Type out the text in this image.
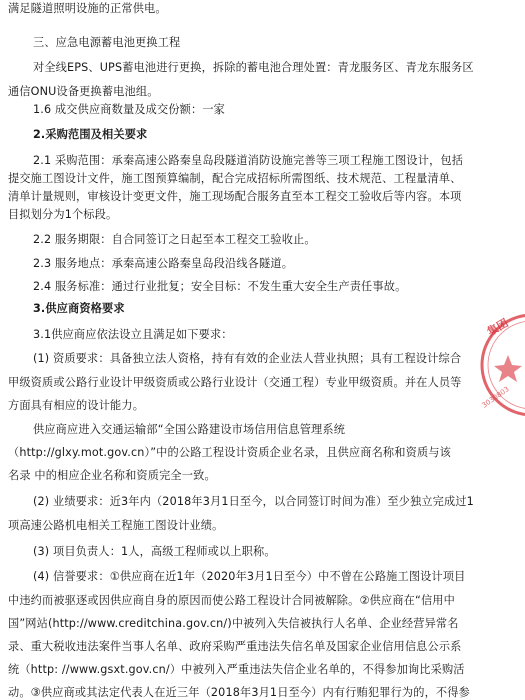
满足隧道照明设施的正常供电。
三、应急电源蓄电池更换工程
对全线EPS、UPS蓄电池进行更换，拆除的蓄电池合理处置：青龙服务区、青龙东服务区
通信ONU设备更换蓄电池组。
1.6 成交供应商数量及成交份额：一家
2.采购范围及相关要求
2.1 采购范围：承秦高速公路秦皇岛段隧道消防设施完善等三项工程施工图设计，包括
提交施工图设计文件，施工图预算编制，配合完成招标所需图纸、技术规范、工程量清单、
清单计量规则，审核设计变更文件，施工现场配合服务直至本工程交工验收后等内容。本项
目拟划分为1个标段。
2.2 服务期限：自合同签订之日起至本工程交工验收止。
2.3 服务地点：承秦高速公路秦皇岛段沿线各隧道。
2.4 服务标准：通过行业批复；安全目标：不发生重大安全生产责任事故。
3.供应商资格要求
3.1供应商应依法设立且满足如下要求：
(1) 资质要求：具备独立法人资格，持有有效的企业法人营业执照；具有工程设计综合
甲级资质或公路行业设计甲级资质或公路行业设计（交通工程）专业甲级资质。并在人员等
方面具有相应的设计能力。
供应商应进入交通运输部“全国公路建设市场信用信息管理系统
（http://glxy.mot.gov.cn）”中的公路工程设计资质企业名录，且供应商名称和资质与该
名录 中的相应企业名称和资质完全一致。
(2) 业绩要求：近3年内（2018年3月1日至今，以合同签订时间为准）至少独立完成过1
项高速公路机电相关工程施工图设计业绩。
(3) 项目负责人：1人，高级工程师或以上职称。
(4) 信誉要求：①供应商在近1年（2020年3月1日至今）中不曾在公路施工图设计项目
中违约而被驱逐或因供应商自身的原因而使公路工程设计合同被解除。②供应商在“信用中
国”网站(http://www.creditchina.gov.cn/)中被列入失信被执行人名单、企业经营异常名
录、重大税收违法案件当事人名单、政府采购严重违法失信名单及国家企业信用信息公示系
统（http: //www.gsxt.gov.cn/）中被列入严重违法失信企业名单的，不得参加询比采购活
动。③供应商或其法定代表人在近三年（2018年3月1日至今）内有行贿犯罪行为的，不得参
集团
3030803
